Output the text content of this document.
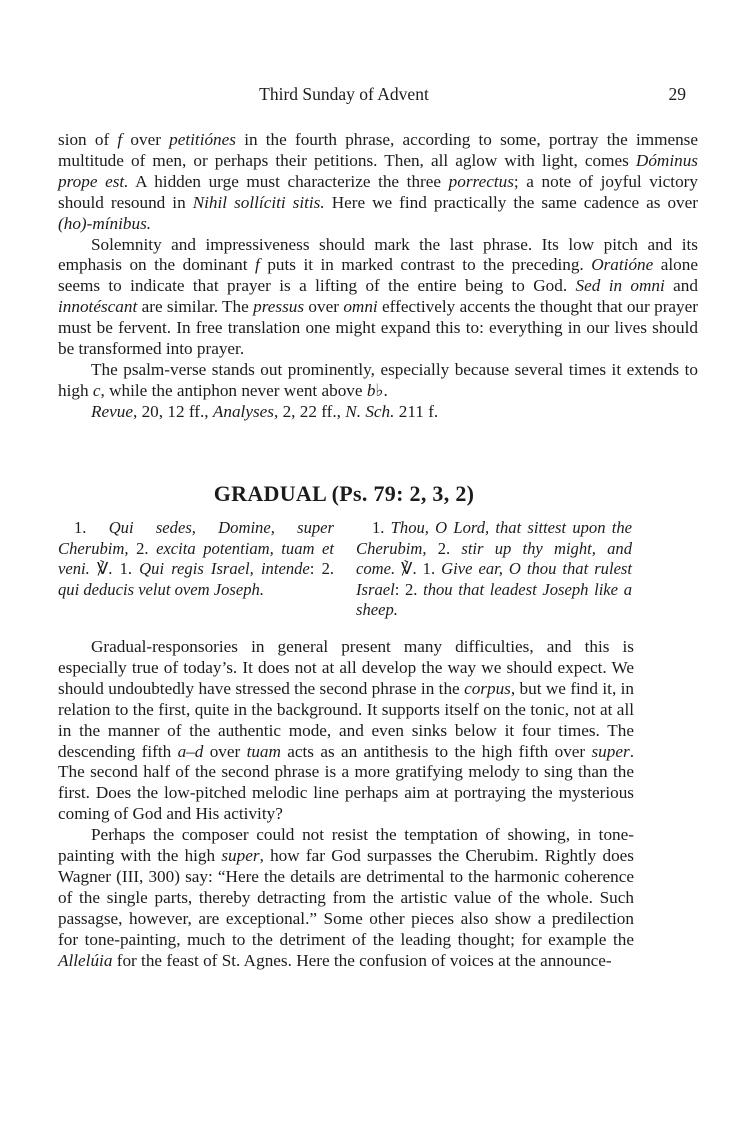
Third Sunday of Advent	29

sion of f over petitiónes in the fourth phrase, according to some, portray the immense multitude of men, or perhaps their petitions. Then, all aglow with light, comes Dóminus prope est. A hidden urge must characterize the three porrectus; a note of joyful victory should resound in Nihil sollíciti sitis. Here we find practically the same cadence as over (ho)-mínibus.

Solemnity and impressiveness should mark the last phrase. Its low pitch and its emphasis on the dominant f puts it in marked contrast to the preceding. Oratióne alone seems to indicate that prayer is a lifting of the entire being to God. Sed in omni and innotéscant are similar. The pressus over omni effectively accents the thought that our prayer must be fervent. In free translation one might expand this to: everything in our lives should be transformed into prayer.

The psalm-verse stands out prominently, especially because several times it extends to high c, while the antiphon never went above b♭.

Revue, 20, 12 ff., Analyses, 2, 22 ff., N. Sch. 211 f.

GRADUAL (Ps. 79: 2, 3, 2)

1. Qui sedes, Domine, super Cherubim, 2. excita potentiam, tuam et veni. ℣. 1. Qui regis Israel, intende: 2. qui deducis velut ovem Joseph.

1. Thou, O Lord, that sittest upon the Cherubim, 2. stir up thy might, and come. ℣. 1. Give ear, O thou that rulest Israel: 2. thou that leadest Joseph like a sheep.

Gradual-responsories in general present many difficulties, and this is especially true of today’s. It does not at all develop the way we should expect. We should undoubtedly have stressed the second phrase in the corpus, but we find it, in relation to the first, quite in the background. It supports itself on the tonic, not at all in the manner of the authentic mode, and even sinks below it four times. The descending fifth a–d over tuam acts as an antithesis to the high fifth over super. The second half of the second phrase is a more gratifying melody to sing than the first. Does the low-pitched melodic line perhaps aim at portraying the mysterious coming of God and His activity?

Perhaps the composer could not resist the temptation of showing, in tone-painting with the high super, how far God surpasses the Cherubim. Rightly does Wagner (III, 300) say: “Here the details are detrimental to the harmonic coherence of the single parts, thereby detracting from the artistic value of the whole. Such passagse, however, are exceptional.” Some other pieces also show a predilection for tone-painting, much to the detriment of the leading thought; for example the Allelúia for the feast of St. Agnes. Here the confusion of voices at the announce-
